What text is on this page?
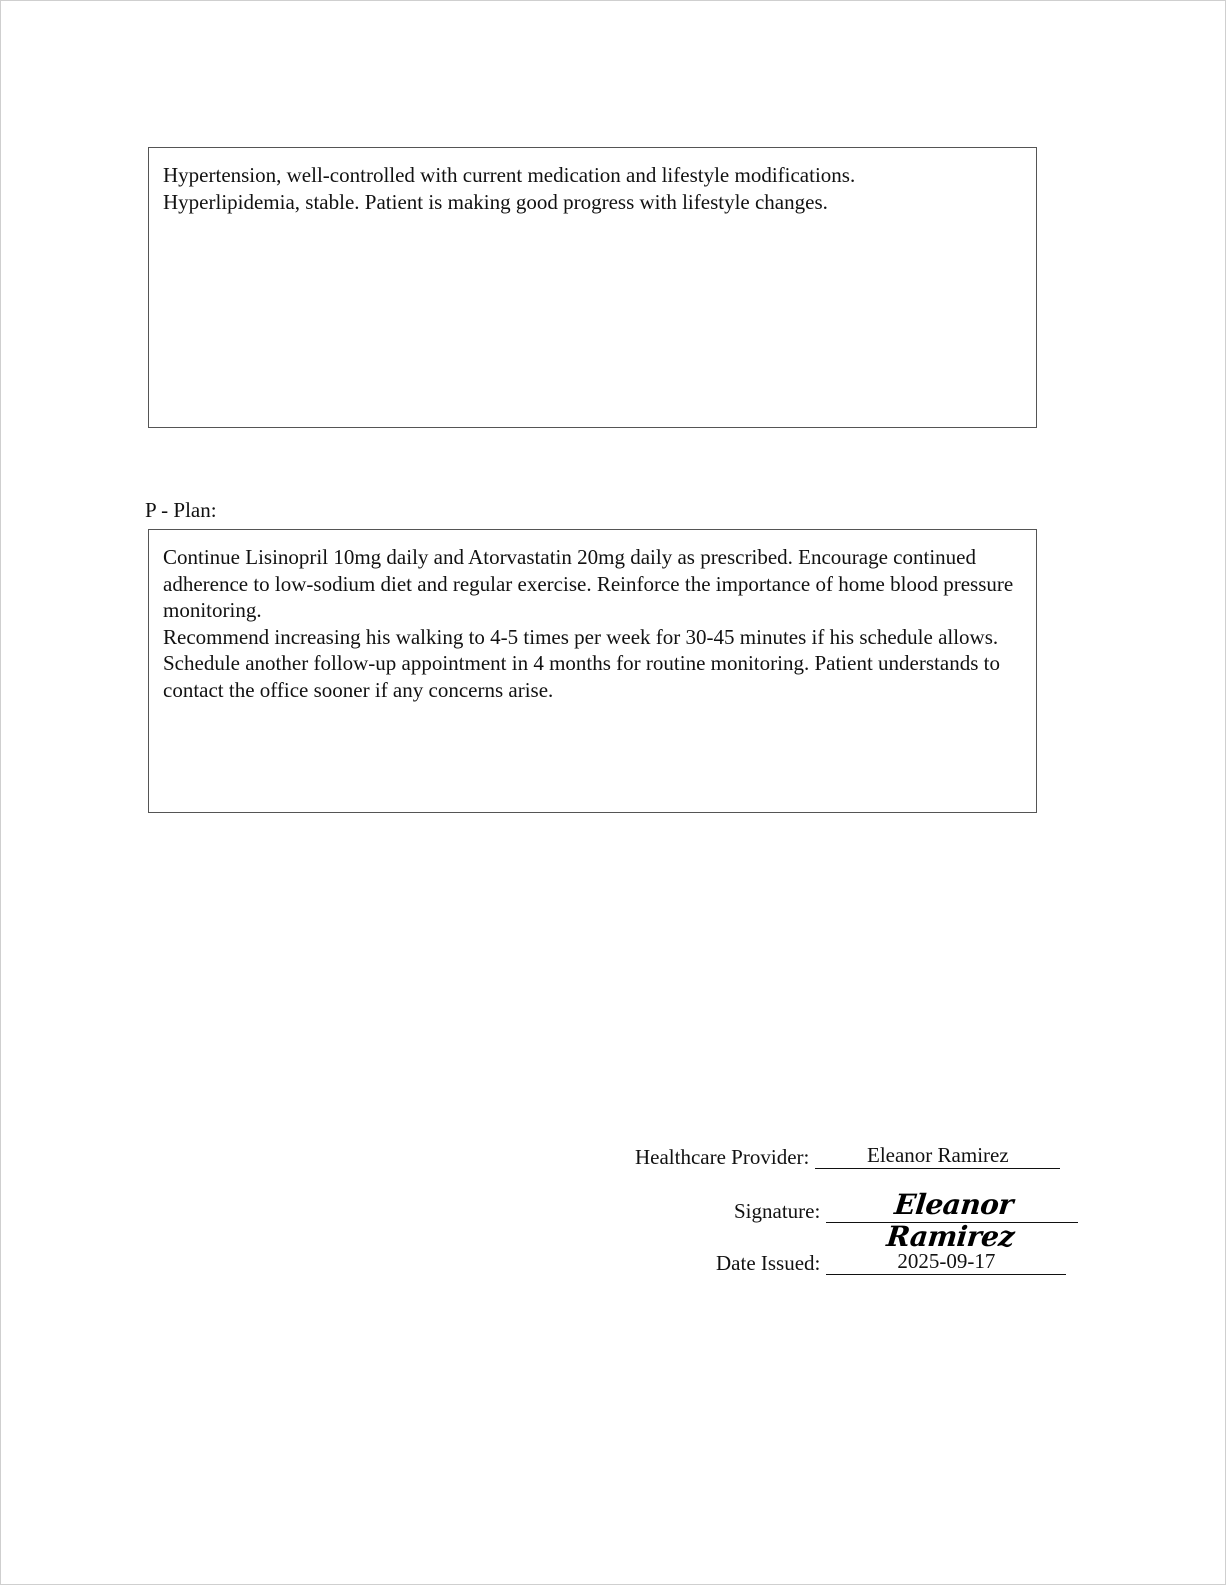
Hypertension, well-controlled with current medication and lifestyle modifications.

Hyperlipidemia, stable. Patient is making good progress with lifestyle changes.

P - Plan:

Continue Lisinopril 10mg daily and Atorvastatin 20mg daily as prescribed. Encourage continued adherence to low-sodium diet and regular exercise. Reinforce the importance of home blood pressure monitoring.

Recommend increasing his walking to 4-5 times per week for 30-45 minutes if his schedule allows.

Schedule another follow-up appointment in 4 months for routine monitoring. Patient understands to contact the office sooner if any concerns arise.

Healthcare Provider:	Eleanor Ramirez
Signature:	Eleanor Ramirez
Date Issued:	2025-09-17
